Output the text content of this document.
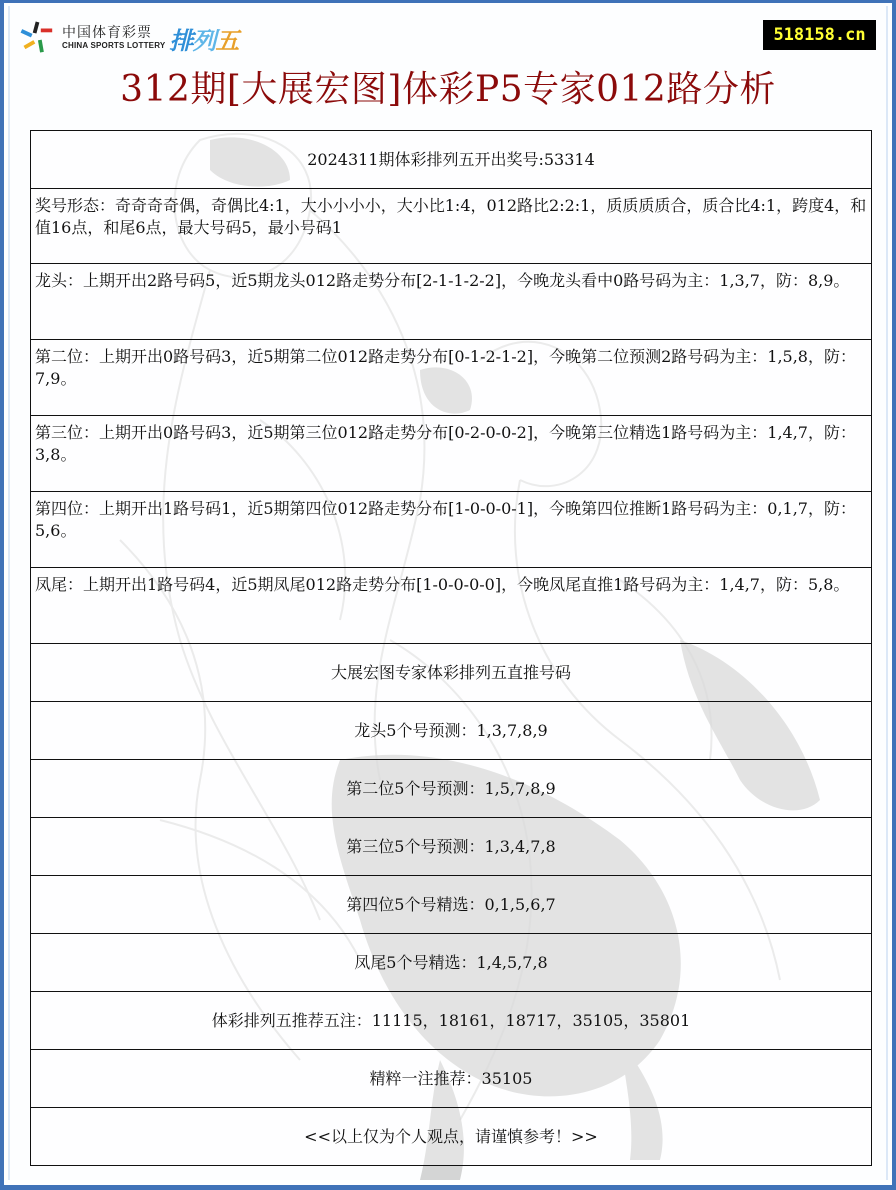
中国体育彩票
CHINA SPORTS LOTTERY 排列五	518158.cn
312期[大展宏图]体彩P5专家012路分析
2024311期体彩排列五开出奖号:53314

奖号形态：奇奇奇奇偶，奇偶比4:1，大小小小小，大小比1:4，012路比2:2:1，质质质质合，质合比4:1，跨度4，和值16点，和尾6点，最大号码5，最小号码1

龙头：上期开出2路号码5，近5期龙头012路走势分布[2-1-1-2-2]，今晚龙头看中0路号码为主：1,3,7，防：8,9。

第二位：上期开出0路号码3，近5期第二位012路走势分布[0-1-2-1-2]，今晚第二位预测2路号码为主：1,5,8，防：7,9。

第三位：上期开出0路号码3，近5期第三位012路走势分布[0-2-0-0-2]，今晚第三位精选1路号码为主：1,4,7，防：3,8。

第四位：上期开出1路号码1，近5期第四位012路走势分布[1-0-0-0-1]，今晚第四位推断1路号码为主：0,1,7，防：5,6。

凤尾：上期开出1路号码4，近5期凤尾012路走势分布[1-0-0-0-0]，今晚凤尾直推1路号码为主：1,4,7，防：5,8。

大展宏图专家体彩排列五直推号码
龙头5个号预测：1,3,7,8,9
第二位5个号预测：1,5,7,8,9
第三位5个号预测：1,3,4,7,8
第四位5个号精选：0,1,5,6,7
凤尾5个号精选：1,4,5,7,8
体彩排列五推荐五注：11115，18161，18717，35105，35801
精粹一注推荐：35105
<<以上仅为个人观点，请谨慎参考！>>
